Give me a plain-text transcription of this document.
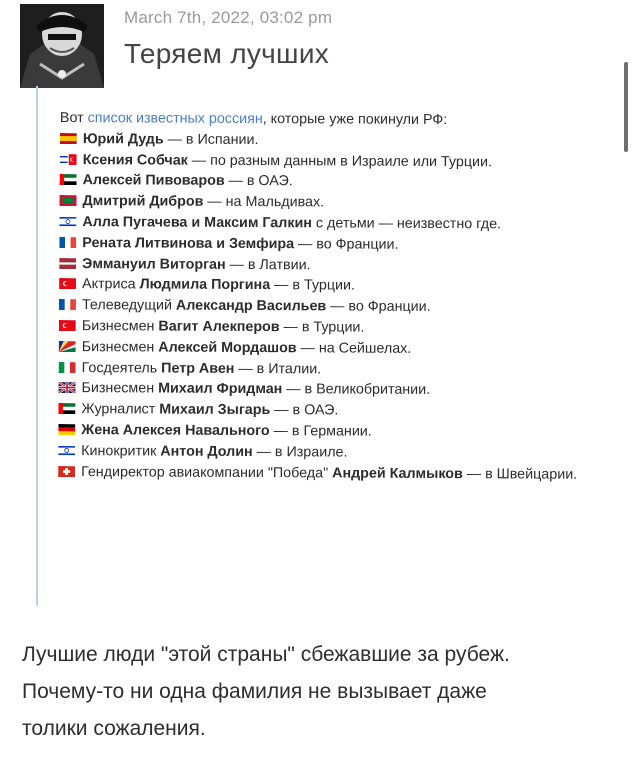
March 7th, 2022, 03:02 pm
Теряем лучших
Вот список известных россиян, которые уже покинули РФ:
Юрий Дудь — в Испании.
Ксения Собчак — по разным данным в Израиле или Турции.
Алексей Пивоваров — в ОАЭ.
Дмитрий Дибров — на Мальдивах.
Алла Пугачева и Максим Галкин с детьми — неизвестно где.
Рената Литвинова и Земфира — во Франции.
Эммануил Виторган — в Латвии.
Актриса Людмила Поргина — в Турции.
Телеведущий Александр Васильев — во Франции.
Бизнесмен Вагит Алекперов — в Турции.
Бизнесмен Алексей Мордашов — на Сейшелах.
Госдеятель Петр Авен — в Италии.
Бизнесмен Михаил Фридман — в Великобритании.
Журналист Михаил Зыгарь — в ОАЭ.
Жена Алексея Навального — в Германии.
Кинокритик Антон Долин — в Израиле.
Гендиректор авиакомпании "Победа" Андрей Калмыков — в Швейцарии.
Лучшие люди "этой страны" сбежавшие за рубеж.
Почему-то ни одна фамилия не вызывает даже
толики сожаления.
